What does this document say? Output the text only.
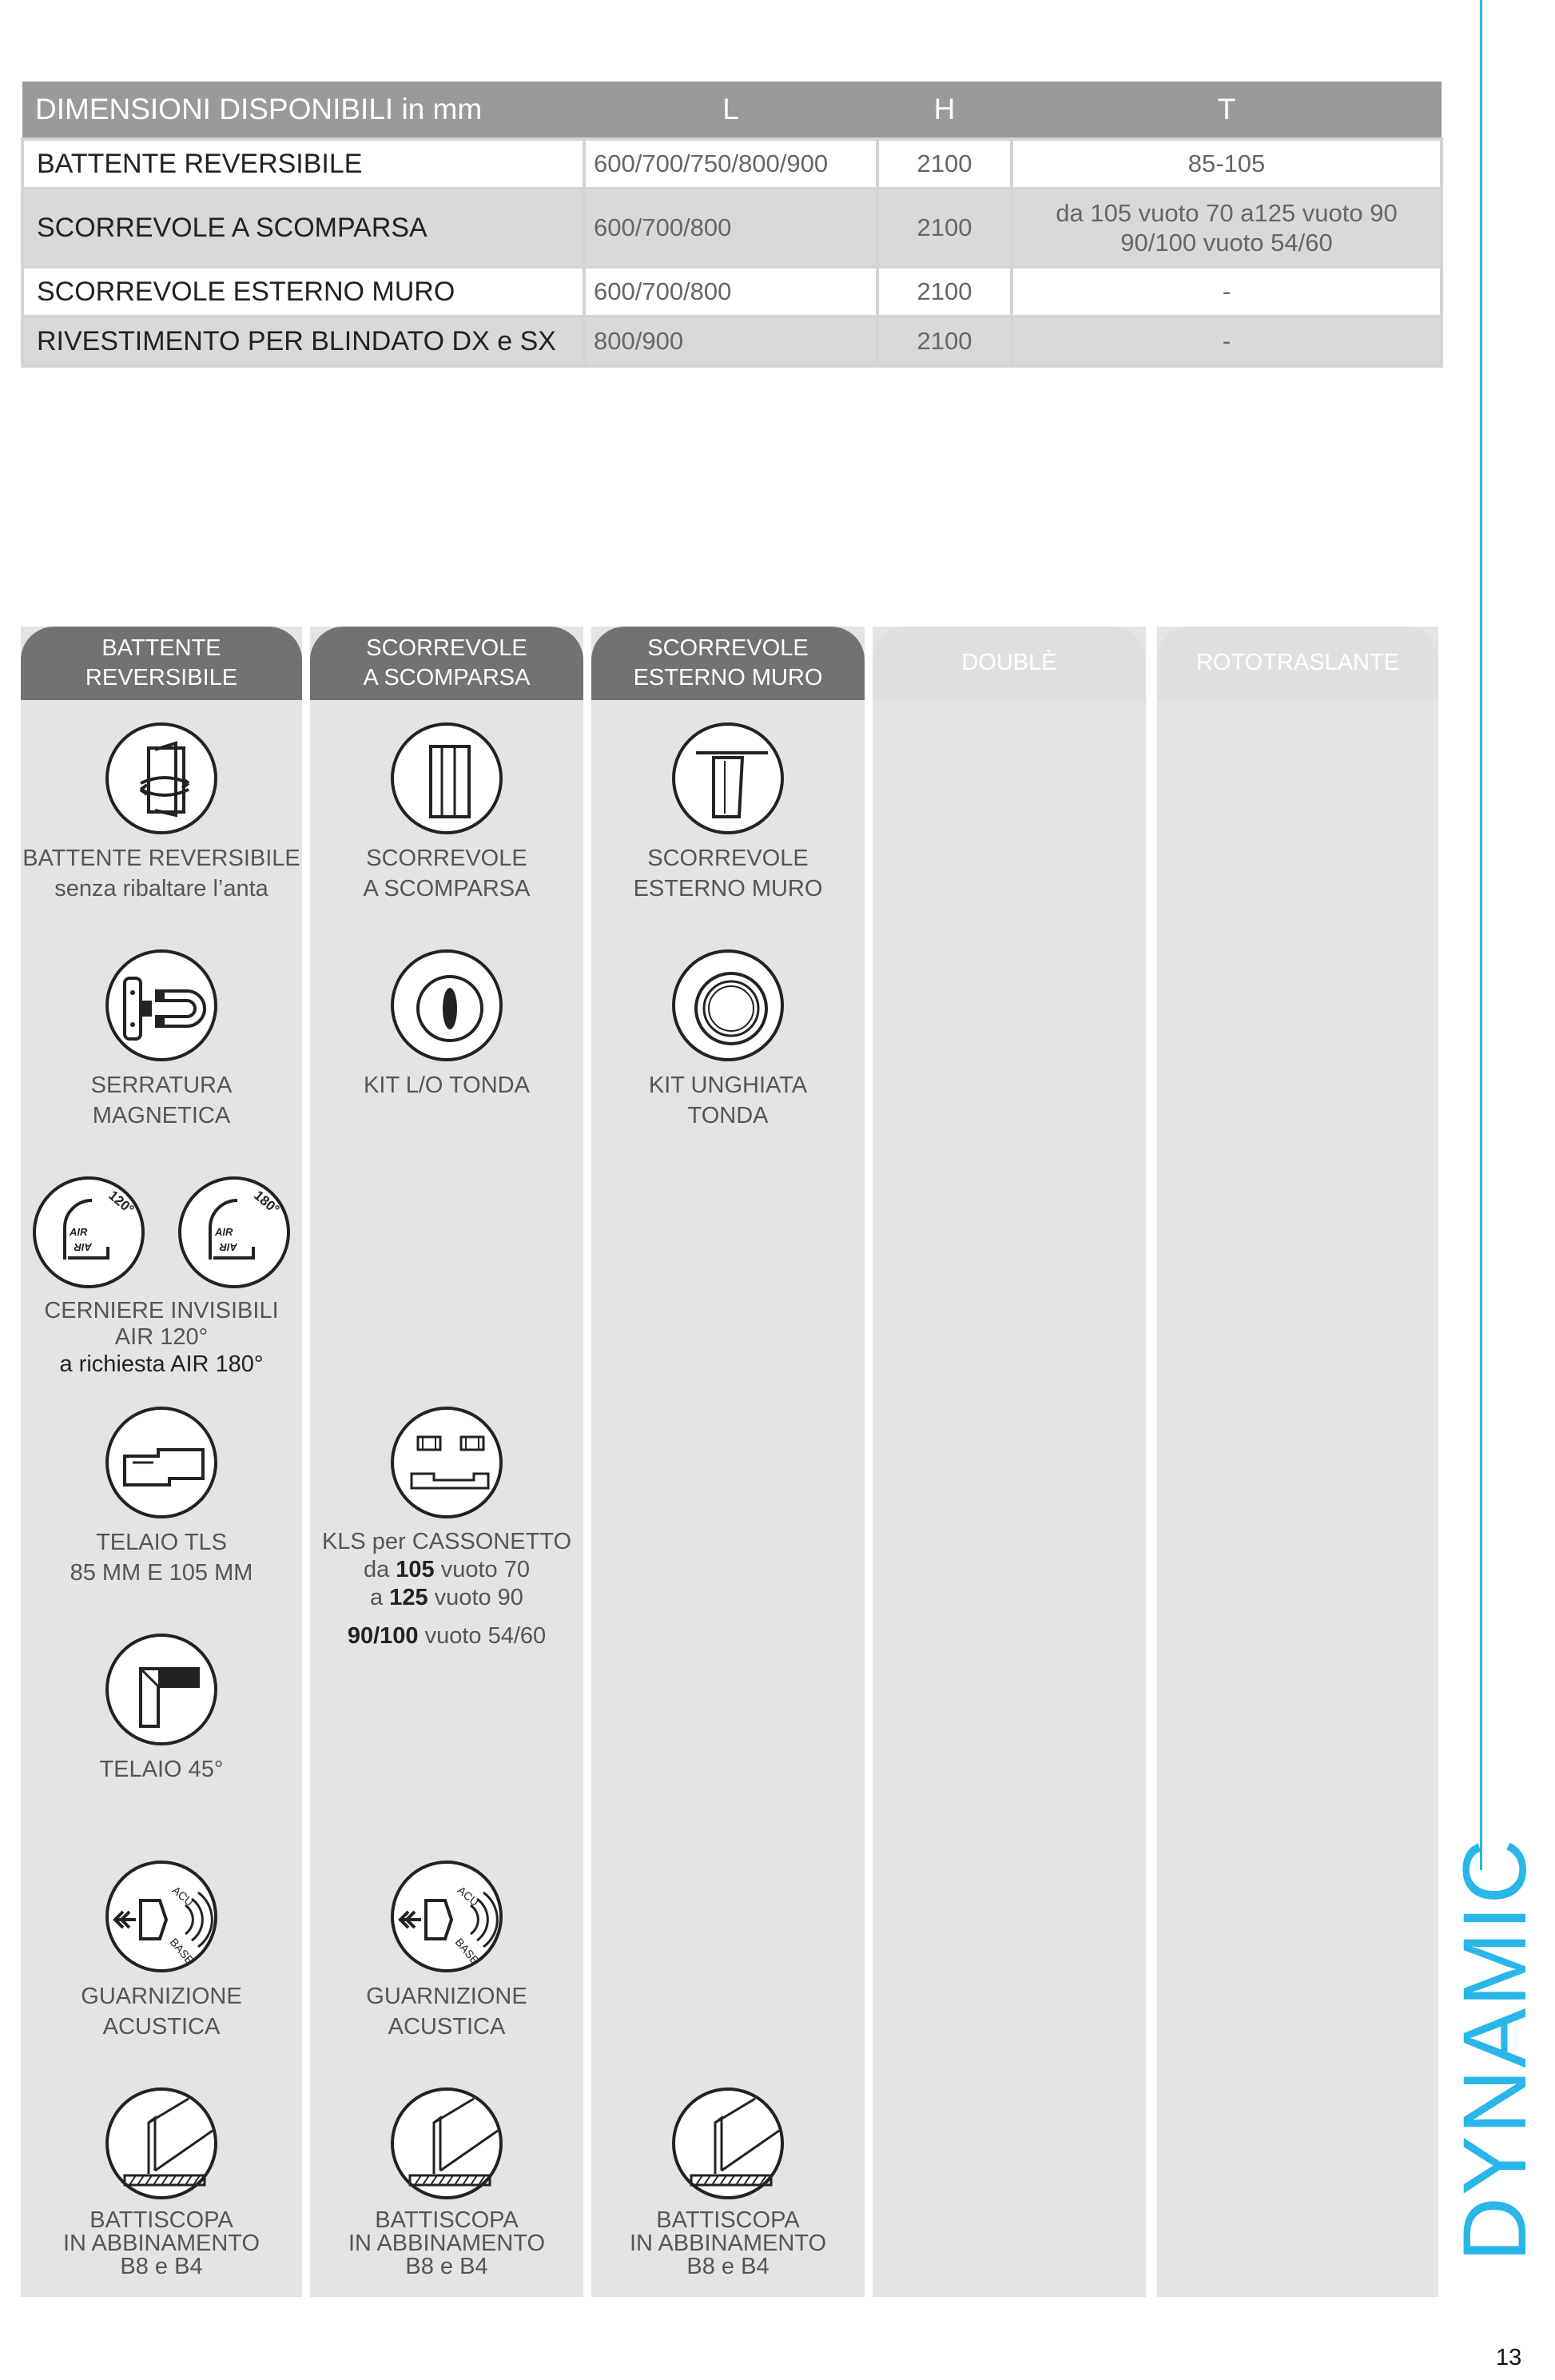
DIMENSIONI DISPONIBILI in mm	L	H	T
BATTENTE REVERSIBILE	600/700/750/800/900	2100	85-105
SCORREVOLE A SCOMPARSA	600/700/800	2100	da 105 vuoto 70 a125 vuoto 90
90/100 vuoto 54/60

SCORREVOLE ESTERNO MURO	600/700/800	2100	-
RIVESTIMENTO PER BLINDATO DX e SX	800/900	2100	-
BATTENTE
REVERSIBILE
BATTENTE REVERSIBILE
senza ribaltare l’anta
SERRATURA
MAGNETICA
AIR
AIR
120°
AIR
AIR
180°
CERNIERE INVISIBILI
AIR 120°
a richiesta AIR 180°
TELAIO TLS
85 MM E 105 MM
TELAIO 45°
ACU
BASE
GUARNIZIONE
ACUSTICA
BATTISCOPA
IN ABBINAMENTO
B8 e B4
SCORREVOLE
A SCOMPARSA
SCORREVOLE
A SCOMPARSA
KIT L/O TONDA
KLS per CASSONETTO
da 105 vuoto 70
a 125 vuoto 90
90/100 vuoto 54/60
ACU
BASE
GUARNIZIONE
ACUSTICA
BATTISCOPA
IN ABBINAMENTO
B8 e B4
SCORREVOLE
ESTERNO MURO
SCORREVOLE
ESTERNO MURO
KIT UNGHIATA
TONDA
BATTISCOPA
IN ABBINAMENTO
B8 e B4
DOUBLÈ	ROTOTRASLANTE
DYNAMIC
13
